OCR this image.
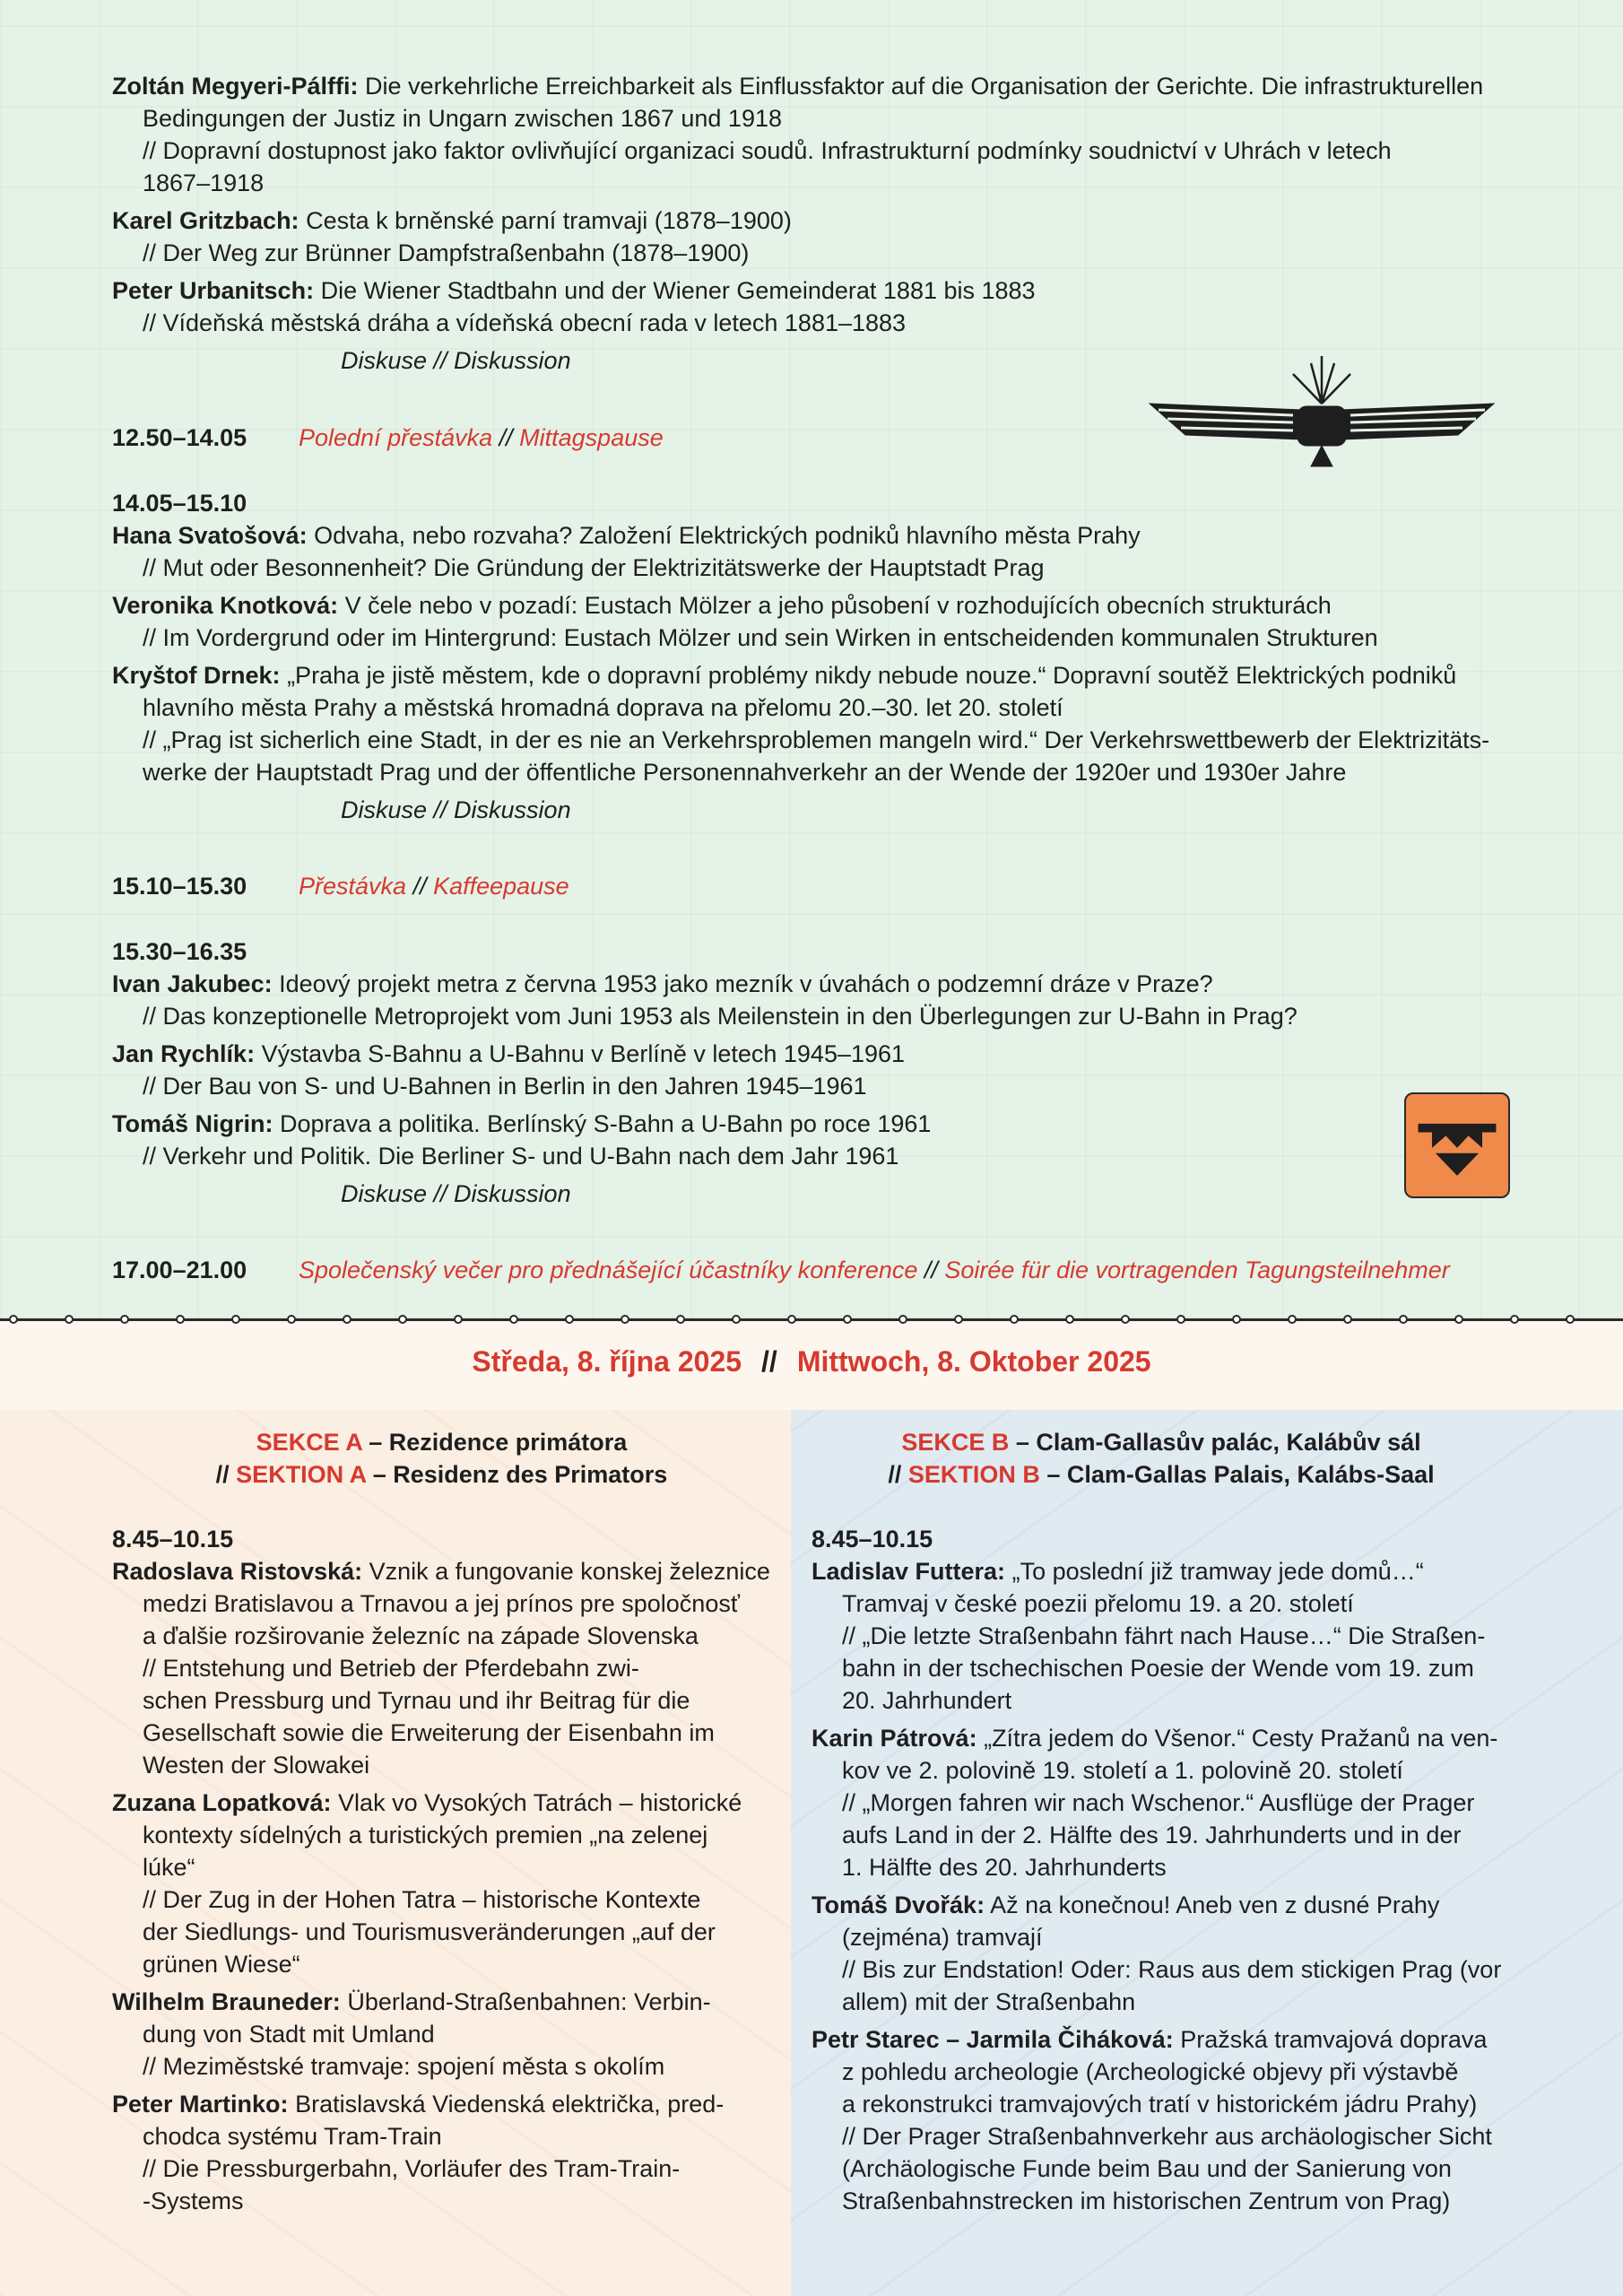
Zoltán Megyeri-Pálffi: Die verkehrliche Erreichbarkeit als Einflussfaktor auf die Organisation der Gerichte. Die infrastrukturellen
Bedingungen der Justiz in Ungarn zwischen 1867 und 1918
// Dopravní dostupnost jako faktor ovlivňující organizaci soudů. Infrastrukturní podmínky soudnictví v Uhrách v letech
1867–1918
Karel Gritzbach: Cesta k brněnské parní tramvaji (1878–1900)
// Der Weg zur Brünner Dampfstraßenbahn (1878–1900)
Peter Urbanitsch: Die Wiener Stadtbahn und der Wiener Gemeinderat 1881 bis 1883
// Vídeňská městská dráha a vídeňská obecní rada v letech 1881–1883
Diskuse // Diskussion
12.50–14.05 Polední přestávka // Mittagspause
14.05–15.10
Hana Svatošová: Odvaha, nebo rozvaha? Založení Elektrických podniků hlavního města Prahy
// Mut oder Besonnenheit? Die Gründung der Elektrizitätswerke der Hauptstadt Prag
Veronika Knotková: V čele nebo v pozadí: Eustach Mölzer a jeho působení v rozhodujících obecních strukturách
// Im Vordergrund oder im Hintergrund: Eustach Mölzer und sein Wirken in entscheidenden kommunalen Strukturen
Kryštof Drnek: „Praha je jistě městem, kde o dopravní problémy nikdy nebude nouze.“ Dopravní soutěž Elektrických podniků
hlavního města Prahy a městská hromadná doprava na přelomu 20.–30. let 20. století
// „Prag ist sicherlich eine Stadt, in der es nie an Verkehrsproblemen mangeln wird.“ Der Verkehrswettbewerb der Elektrizitäts-
werke der Hauptstadt Prag und der öffentliche Personennahverkehr an der Wende der 1920er und 1930er Jahre
Diskuse // Diskussion
15.10–15.30 Přestávka // Kaffeepause
15.30–16.35
Ivan Jakubec: Ideový projekt metra z června 1953 jako mezník v úvahách o podzemní dráze v Praze?
// Das konzeptionelle Metroprojekt vom Juni 1953 als Meilenstein in den Überlegungen zur U-Bahn in Prag?
Jan Rychlík: Výstavba S-Bahnu a U-Bahnu v Berlíně v letech 1945–1961
// Der Bau von S- und U-Bahnen in Berlin in den Jahren 1945–1961
Tomáš Nigrin: Doprava a politika. Berlínský S-Bahn a U-Bahn po roce 1961
// Verkehr und Politik. Die Berliner S- und U-Bahn nach dem Jahr 1961
Diskuse // Diskussion
17.00–21.00 Společenský večer pro přednášející účastníky konference // Soirée für die vortragenden Tagungsteilnehmer
Středa, 8. října 2025 // Mittwoch, 8. Oktober 2025
SEKCE A – Rezidence primátora
// SEKTION A – Residenz des Primators
8.45–10.15
Radoslava Ristovská: Vznik a fungovanie konskej železnice
medzi Bratislavou a Trnavou a jej prínos pre spoločnosť
a ďalšie rozširovanie železníc na západe Slovenska
// Entstehung und Betrieb der Pferdebahn zwi-
schen Pressburg und Tyrnau und ihr Beitrag für die
Gesellschaft sowie die Erweiterung der Eisenbahn im
Westen der Slowakei
Zuzana Lopatková: Vlak vo Vysokých Tatrách – historické
kontexty sídelných a turistických premien „na zelenej
lúke“
// Der Zug in der Hohen Tatra – historische Kontexte
der Siedlungs- und Tourismusveränderungen „auf der
grünen Wiese“
Wilhelm Brauneder: Überland-Straßenbahnen: Verbin-
dung von Stadt mit Umland
// Meziměstské tramvaje: spojení města s okolím
Peter Martinko: Bratislavská Viedenská električka, pred-
chodca systému Tram-Train
// Die Pressburgerbahn, Vorläufer des Tram-Train-
-Systems
SEKCE B – Clam-Gallasův palác, Kalábův sál
// SEKTION B – Clam-Gallas Palais, Kalábs-Saal
8.45–10.15
Ladislav Futtera: „To poslední již tramway jede domů…“
Tramvaj v české poezii přelomu 19. a 20. století
// „Die letzte Straßenbahn fährt nach Hause…“ Die Straßen-
bahn in der tschechischen Poesie der Wende vom 19. zum
20. Jahrhundert
Karin Pátrová: „Zítra jedem do Všenor.“ Cesty Pražanů na ven-
kov ve 2. polovině 19. století a 1. polovině 20. století
// „Morgen fahren wir nach Wschenor.“ Ausflüge der Prager
aufs Land in der 2. Hälfte des 19. Jahrhunderts und in der
1. Hälfte des 20. Jahrhunderts
Tomáš Dvořák: Až na konečnou! Aneb ven z dusné Prahy
(zejména) tramvají
// Bis zur Endstation! Oder: Raus aus dem stickigen Prag (vor
allem) mit der Straßenbahn
Petr Starec – Jarmila Čiháková: Pražská tramvajová doprava
z pohledu archeologie (Archeologické objevy při výstavbě
a rekonstrukci tramvajových tratí v historickém jádru Prahy)
// Der Prager Straßenbahnverkehr aus archäologischer Sicht
(Archäologische Funde beim Bau und der Sanierung von
Straßenbahnstrecken im historischen Zentrum von Prag)
